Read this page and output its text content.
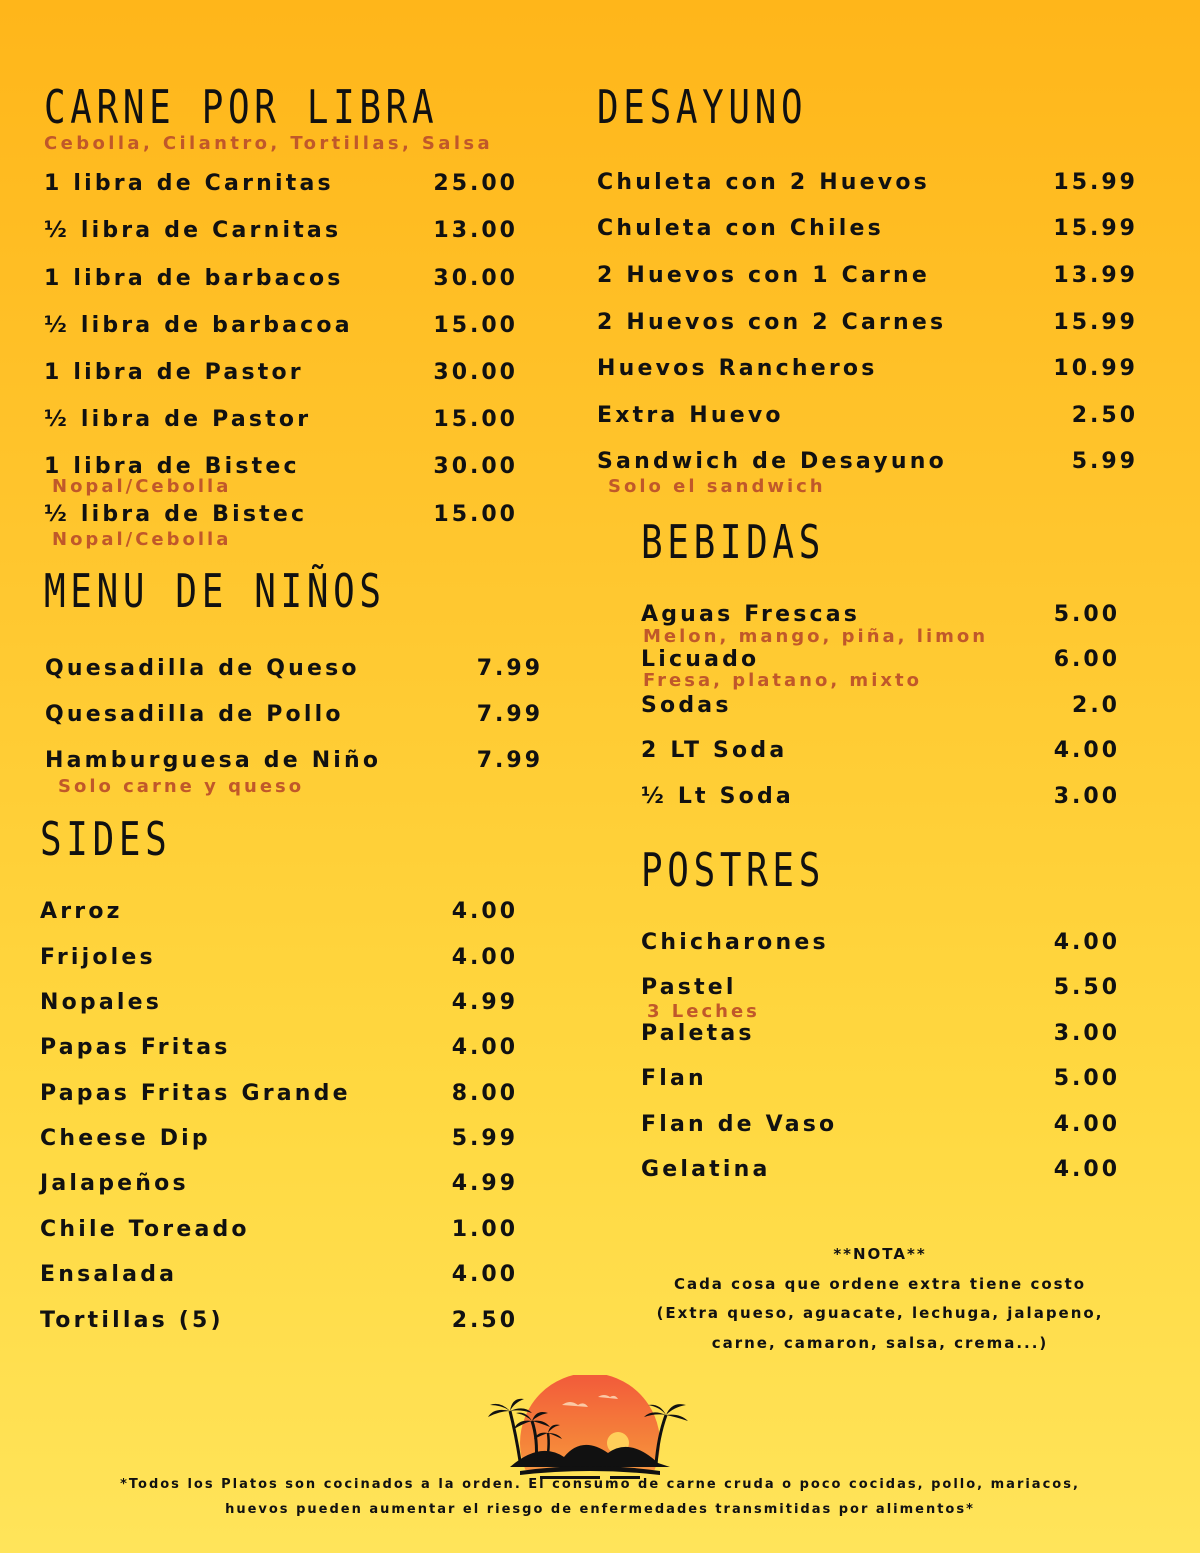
CARNE POR LIBRA
Cebolla, Cilantro, Tortillas, Salsa
1 libra de Carnitas	25.00
½ libra de Carnitas	13.00
1 libra de barbacos	30.00
½ libra de barbacoa	15.00
1 libra de Pastor	30.00
½ libra de Pastor	15.00
1 libra de Bistec	30.00
Nopal/Cebolla
½ libra de Bistec	15.00
Nopal/Cebolla
MENU DE NIÑOS
Quesadilla de Queso	7.99
Quesadilla de Pollo	7.99
Hamburguesa de Niño	7.99
Solo carne y queso
SIDES
Arroz	4.00
Frijoles	4.00
Nopales	4.99
Papas Fritas	4.00
Papas Fritas Grande	8.00
Cheese Dip	5.99
Jalapeños	4.99
Chile Toreado	1.00
Ensalada	4.00
Tortillas (5)	2.50
DESAYUNO
Chuleta con 2 Huevos	15.99
Chuleta con Chiles	15.99
2 Huevos con 1 Carne	13.99
2 Huevos con 2 Carnes	15.99
Huevos Rancheros	10.99
Extra Huevo	2.50
Sandwich de Desayuno	5.99
Solo el sandwich
BEBIDAS
Aguas Frescas	5.00
Melon, mango, piña, limon
Licuado	6.00
Fresa, platano, mixto
Sodas	2.0
2 LT Soda	4.00
½ Lt Soda	3.00
POSTRES
Chicharones	4.00
Pastel	5.50
3 Leches
Paletas	3.00
Flan	5.00
Flan de Vaso	4.00
Gelatina	4.00
**NOTA**
Cada cosa que ordene extra tiene costo
(Extra queso, aguacate, lechuga, jalapeno,
carne, camaron, salsa, crema...)
*Todos los Platos son cocinados a la orden. El consumo de carne cruda o poco cocidas, pollo, mariacos,
huevos pueden aumentar el riesgo de enfermedades transmitidas por alimentos*
